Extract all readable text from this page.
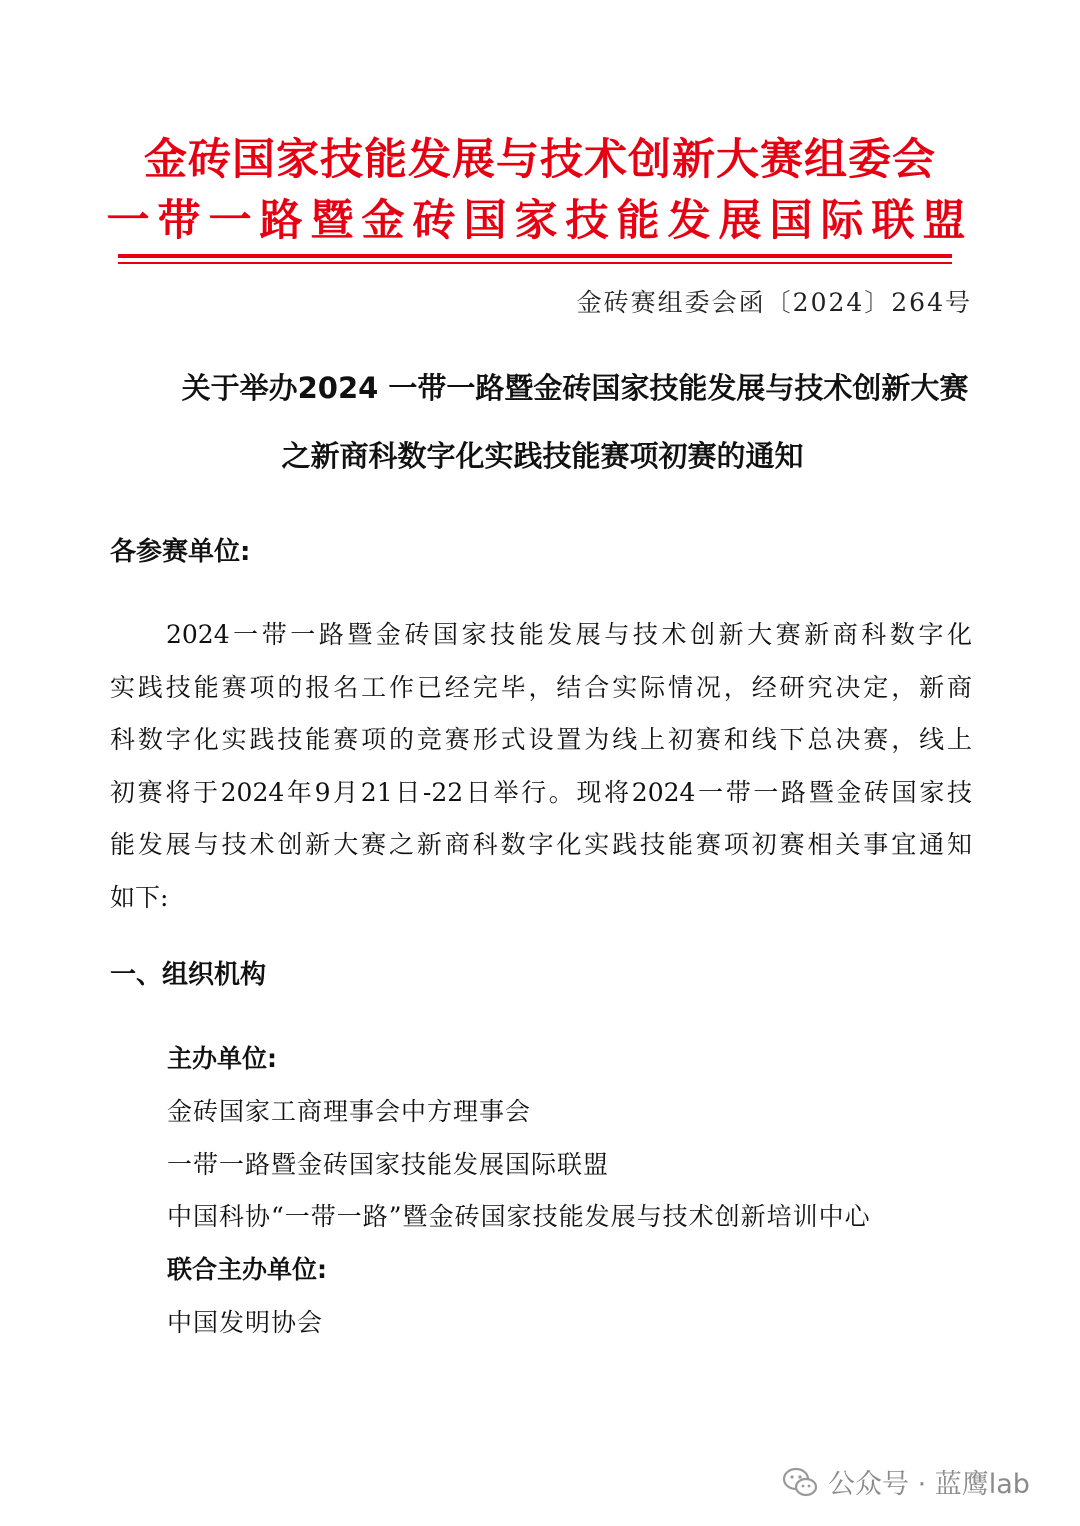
金砖国家技能发展与技术创新大赛组委会
一带一路暨金砖国家技能发展国际联盟
金砖赛组委会函〔2024〕264号
关于举办2024 一带一路暨金砖国家技能发展与技术创新大赛
之新商科数字化实践技能赛项初赛的通知
各参赛单位:
2024一带一路暨金砖国家技能发展与技术创新大赛新商科数字化
实践技能赛项的报名工作已经完毕，结合实际情况，经研究决定，新商
科数字化实践技能赛项的竞赛形式设置为线上初赛和线下总决赛，线上
初赛将于2024年9月21日-22日举行。现将2024一带一路暨金砖国家技
能发展与技术创新大赛之新商科数字化实践技能赛项初赛相关事宜通知
如下:
一、组织机构
主办单位:
金砖国家工商理事会中方理事会
一带一路暨金砖国家技能发展国际联盟
中国科协“一带一路”暨金砖国家技能发展与技术创新培训中心
联合主办单位:
中国发明协会
公众号 · 蓝鹰lab
